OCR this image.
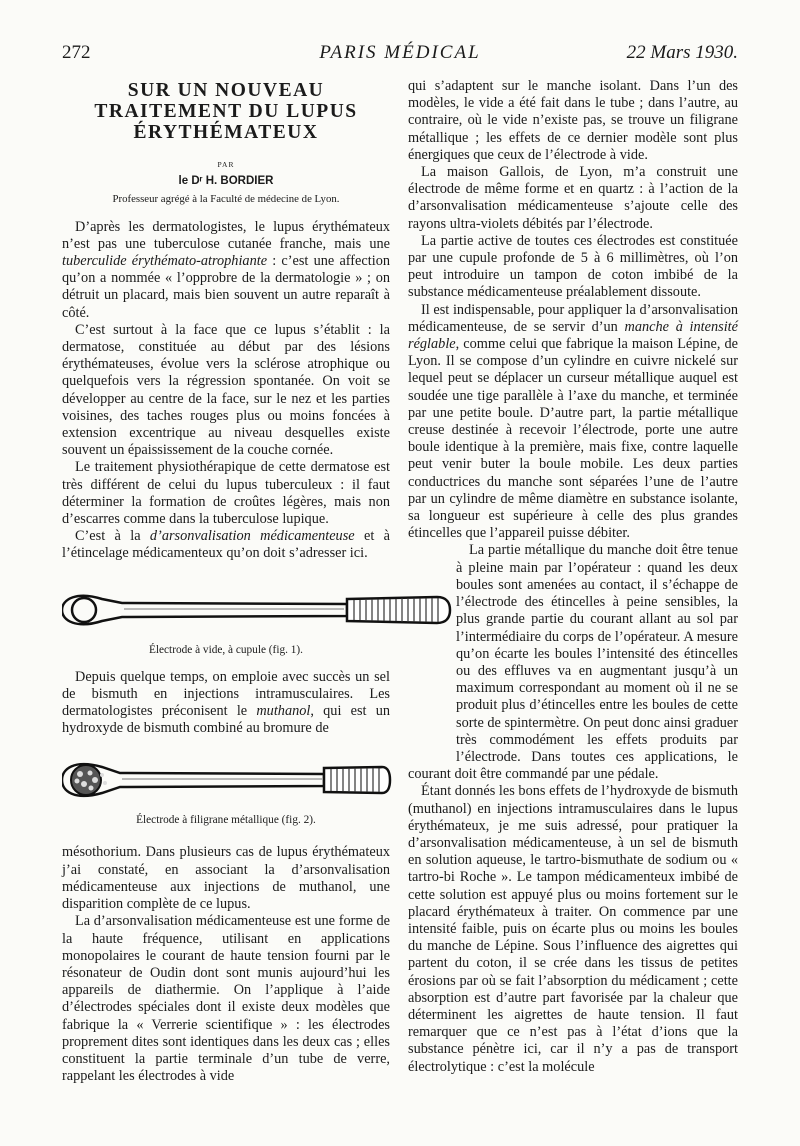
272	PARIS MÉDICAL	22 Mars 1930.
SUR UN NOUVEAU
TRAITEMENT DU LUPUS
ÉRYTHÉMATEUX
PAR
le Dʳ H. BORDIER
Professeur agrégé à la Faculté de médecine de Lyon.

D’après les dermatologistes, le lupus érythémateux n’est pas une tuberculose cutanée franche, mais une tuberculide érythémato-atrophiante : c’est une affection qu’on a nommée « l’opprobre de la dermatologie » ; on détruit un placard, mais bien souvent un autre reparaît à côté.

C’est surtout à la face que ce lupus s’établit : la dermatose, constituée au début par des lésions érythémateuses, évolue vers la sclérose atrophique ou quelquefois vers la régression spontanée. On voit se développer au centre de la face, sur le nez et les parties voisines, des taches rouges plus ou moins foncées à extension excentrique au niveau desquelles existe souvent un épaississement de la couche cornée.

Le traitement physiothérapique de cette dermatose est très différent de celui du lupus tuberculeux : il faut déterminer la formation de croûtes légères, mais non d’escarres comme dans la tuberculose lupique.

C’est à la d’arsonvalisation médicamenteuse et à l’étincelage médicamenteux qu’on doit s’adresser ici.

Électrode à vide, à cupule (fig. 1).

Depuis quelque temps, on emploie avec succès un sel de bismuth en injections intramusculaires. Les dermatologistes préconisent le muthanol, qui est un hydroxyde de bismuth combiné au bromure de

Électrode à filigrane métallique (fig. 2).

mésothorium. Dans plusieurs cas de lupus érythémateux j’ai constaté, en associant la d’arsonvalisation médicamenteuse aux injections de muthanol, une disparition complète de ce lupus.

La d’arsonvalisation médicamenteuse est une forme de la haute fréquence, utilisant en applications monopolaires le courant de haute tension fourni par le résonateur de Oudin dont sont munis aujourd’hui les appareils de diathermie. On l’applique à l’aide d’électrodes spéciales dont il existe deux modèles que fabrique la « Verrerie scientifique » : les électrodes proprement dites sont identiques dans les deux cas ; elles constituent la partie terminale d’un tube de verre, rappelant les électrodes à vide

qui s’adaptent sur le manche isolant. Dans l’un des modèles, le vide a été fait dans le tube ; dans l’autre, au contraire, où le vide n’existe pas, se trouve un filigrane métallique ; les effets de ce dernier modèle sont plus énergiques que ceux de l’électrode à vide.

La maison Gallois, de Lyon, m’a construit une électrode de même forme et en quartz : à l’action de la d’arsonvalisation médicamenteuse s’ajoute celle des rayons ultra-violets débités par l’électrode.

La partie active de toutes ces électrodes est constituée par une cupule profonde de 5 à 6 millimètres, où l’on peut introduire un tampon de coton imbibé de la substance médicamenteuse préalablement dissoute.

Il est indispensable, pour appliquer la d’arsonvalisation médicamenteuse, de se servir d’un manche à intensité réglable, comme celui que fabrique la maison Lépine, de Lyon. Il se compose d’un cylindre en cuivre nickelé sur lequel peut se déplacer un curseur métallique auquel est soudée une tige parallèle à l’axe du manche, et terminée par une petite boule. D’autre part, la partie métallique creuse destinée à recevoir l’électrode, porte une autre boule identique à la première, mais fixe, contre laquelle peut venir buter la boule mobile. Les deux parties conductrices du manche sont séparées l’une de l’autre par un cylindre de même diamètre en substance isolante, sa longueur est supérieure à celle des plus grandes étincelles que l’appareil puisse débiter.

La partie métallique du manche doit être tenue à pleine main par l’opérateur : quand les deux boules sont amenées au contact, il s’échappe de l’électrode des étincelles à peine sensibles, la plus grande partie du courant allant au sol par l’intermédiaire du corps de l’opérateur. A mesure qu’on écarte les boules l’intensité des étincelles ou des effluves va en augmentant jusqu’à un maximum correspondant au moment où il ne se produit plus d’étincelles entre les boules de cette sorte de spintermètre. On peut donc ainsi graduer très commodément les effets produits par l’électrode. Dans toutes ces applications, le courant doit être commandé par une pédale.

Étant donnés les bons effets de l’hydroxyde de bismuth (muthanol) en injections intramusculaires dans le lupus érythémateux, je me suis adressé, pour pratiquer la d’arsonvalisation médicamenteuse, à un sel de bismuth en solution aqueuse, le tartro-bismuthate de sodium ou « tartro-bi Roche ». Le tampon médicamenteux imbibé de cette solution est appuyé plus ou moins fortement sur le placard érythémateux à traiter. On commence par une intensité faible, puis on écarte plus ou moins les boules du manche de Lépine. Sous l’influence des aigrettes qui partent du coton, il se crée dans les tissus de petites érosions par où se fait l’absorption du médicament ; cette absorption est d’autre part favorisée par la chaleur que déterminent les aigrettes de haute tension. Il faut remarquer que ce n’est pas à l’état d’ions que la substance pénètre ici, car il n’y a pas de transport électrolytique : c’est la molécule
